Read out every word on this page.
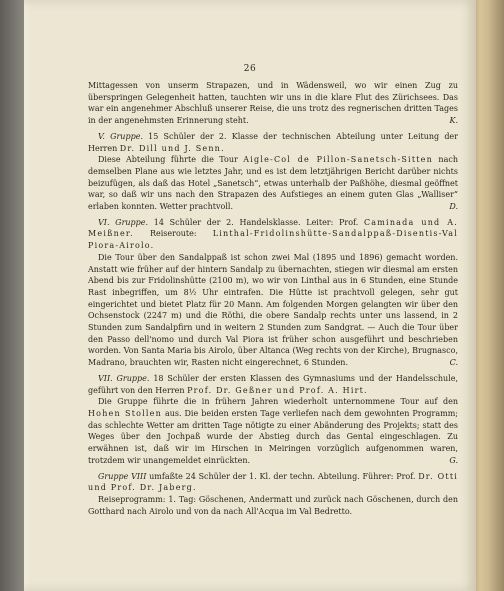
26

Mittagessen von unserm Strapazen, und in Wädensweil, wo wir einen Zug zu überspringen Gelegenheit hatten, tauchten wir uns in die klare Flut des Zürichsees. Das war ein angenehmer Abschluß unserer Reise, die uns trotz des regnerischen dritten Tages in der angenehmsten Erinnerung steht.	K.

V. Gruppe. 15 Schüler der 2. Klasse der technischen Abteilung unter Leitung der Herren Dr. Dill und J. Senn.

Diese Abteilung führte die Tour Aigle-Col de Pillon-Sanetsch-Sitten nach demselben Plane aus wie letztes Jahr, und es ist dem letztjährigen Bericht darüber nichts beizufügen, als daß das Hotel „Sanetsch“, etwas unterhalb der Paßhöhe, diesmal geöffnet war, so daß wir uns nach den Strapazen des Aufstieges an einem guten Glas „Walliser“ erlaben konnten. Wetter prachtvoll.	D.

VI. Gruppe. 14 Schüler der 2. Handelsklasse. Leiter: Prof. Caminada und A. Meißner. Reiseroute: Linthal-Fridolinshütte-Sandalppaß-Disentis-Val Piora-Airolo.

Die Tour über den Sandalppaß ist schon zwei Mal (1895 und 1896) gemacht worden. Anstatt wie früher auf der hintern Sandalp zu übernachten, stiegen wir diesmal am ersten Abend bis zur Fridolinshütte (2100 m), wo wir von Linthal aus in 6 Stunden, eine Stunde Rast inbegriffen, um 8½ Uhr eintrafen. Die Hütte ist prachtvoll gelegen, sehr gut eingerichtet und bietet Platz für 20 Mann. Am folgenden Morgen gelangten wir über den Ochsenstock (2247 m) und die Röthi, die obere Sandalp rechts unter uns lassend, in 2 Stunden zum Sandalpfirn und in weitern 2 Stunden zum Sandgrat. — Auch die Tour über den Passo dell'nomo und durch Val Piora ist früher schon ausgeführt und beschrieben worden. Von Santa Maria bis Airolo, über Altanca (Weg rechts von der Kirche), Brugnasco, Madrano, brauchten wir, Rasten nicht eingerechnet, 6 Stunden.	C.

VII. Gruppe. 18 Schüler der ersten Klassen des Gymnasiums und der Handelsschule, geführt von den Herren Prof. Dr. Geßner und Prof. A. Hirt.

Die Gruppe führte die in frühern Jahren wiederholt unternommene Tour auf den Hohen Stollen aus. Die beiden ersten Tage verliefen nach dem gewohnten Programm; das schlechte Wetter am dritten Tage nötigte zu einer Abänderung des Projekts; statt des Weges über den Jochpaß wurde der Abstieg durch das Gental eingeschlagen. Zu erwähnen ist, daß wir im Hirschen in Meiringen vorzüglich aufgenommen waren, trotzdem wir unangemeldet einrückten.	G.

Gruppe VIII umfaßte 24 Schüler der 1. Kl. der techn. Abteilung. Führer: Prof. Dr. Otti und Prof. Dr. Jaberg.

Reiseprogramm: 1. Tag: Göschenen, Andermatt und zurück nach Göschenen, durch den Gotthard nach Airolo und von da nach All'Acqua im Val Bedretto.
